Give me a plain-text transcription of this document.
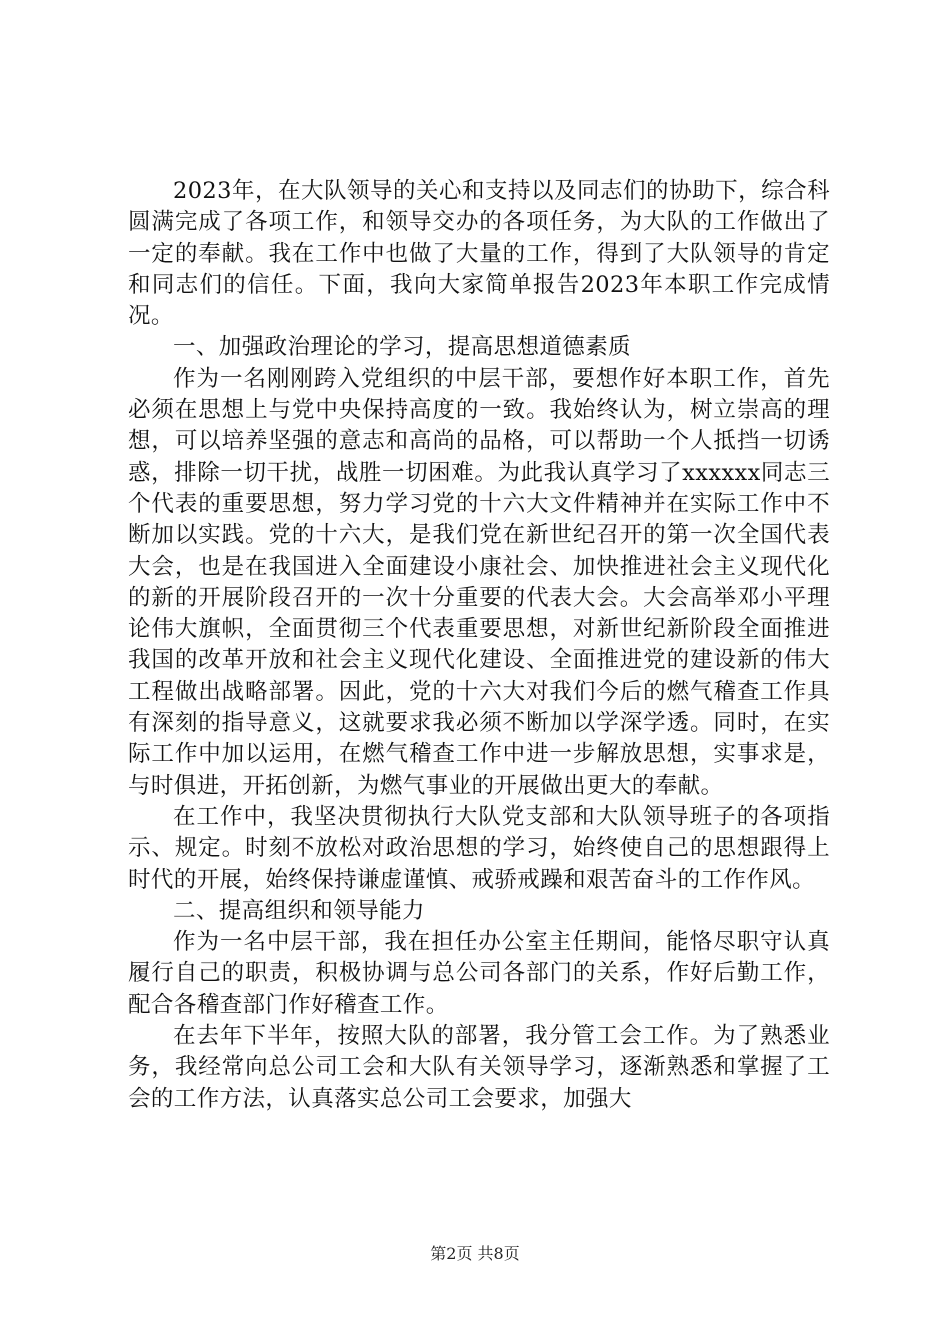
2023年，在大队领导的关心和支持以及同志们的协助下，综合科圆满完成了各项工作，和领导交办的各项任务，为大队的工作做出了一定的奉献。我在工作中也做了大量的工作，得到了大队领导的肯定和同志们的信任。下面，我向大家简单报告2023年本职工作完成情况。

一、加强政治理论的学习，提高思想道德素质

作为一名刚刚跨入党组织的中层干部，要想作好本职工作，首先必须在思想上与党中央保持高度的一致。我始终认为，树立崇高的理想，可以培养坚强的意志和高尚的品格，可以帮助一个人抵挡一切诱惑，排除一切干扰，战胜一切困难。为此我认真学习了xxxxxx同志三个代表的重要思想，努力学习党的十六大文件精神并在实际工作中不断加以实践。党的十六大，是我们党在新世纪召开的第一次全国代表大会，也是在我国进入全面建设小康社会、加快推进社会主义现代化的新的开展阶段召开的一次十分重要的代表大会。大会高举邓小平理论伟大旗帜，全面贯彻三个代表重要思想，对新世纪新阶段全面推进我国的改革开放和社会主义现代化建设、全面推进党的建设新的伟大工程做出战略部署。因此，党的十六大对我们今后的燃气稽查工作具有深刻的指导意义，这就要求我必须不断加以学深学透。同时，在实际工作中加以运用，在燃气稽查工作中进一步解放思想，实事求是，与时俱进，开拓创新，为燃气事业的开展做出更大的奉献。

在工作中，我坚决贯彻执行大队党支部和大队领导班子的各项指示、规定。时刻不放松对政治思想的学习，始终使自己的思想跟得上时代的开展，始终保持谦虚谨慎、戒骄戒躁和艰苦奋斗的工作作风。

二、提高组织和领导能力

作为一名中层干部，我在担任办公室主任期间，能恪尽职守认真履行自己的职责，积极协调与总公司各部门的关系，作好后勤工作，配合各稽查部门作好稽查工作。

在去年下半年，按照大队的部署，我分管工会工作。为了熟悉业务，我经常向总公司工会和大队有关领导学习，逐渐熟悉和掌握了工会的工作方法，认真落实总公司工会要求，加强大

第2页 共8页
